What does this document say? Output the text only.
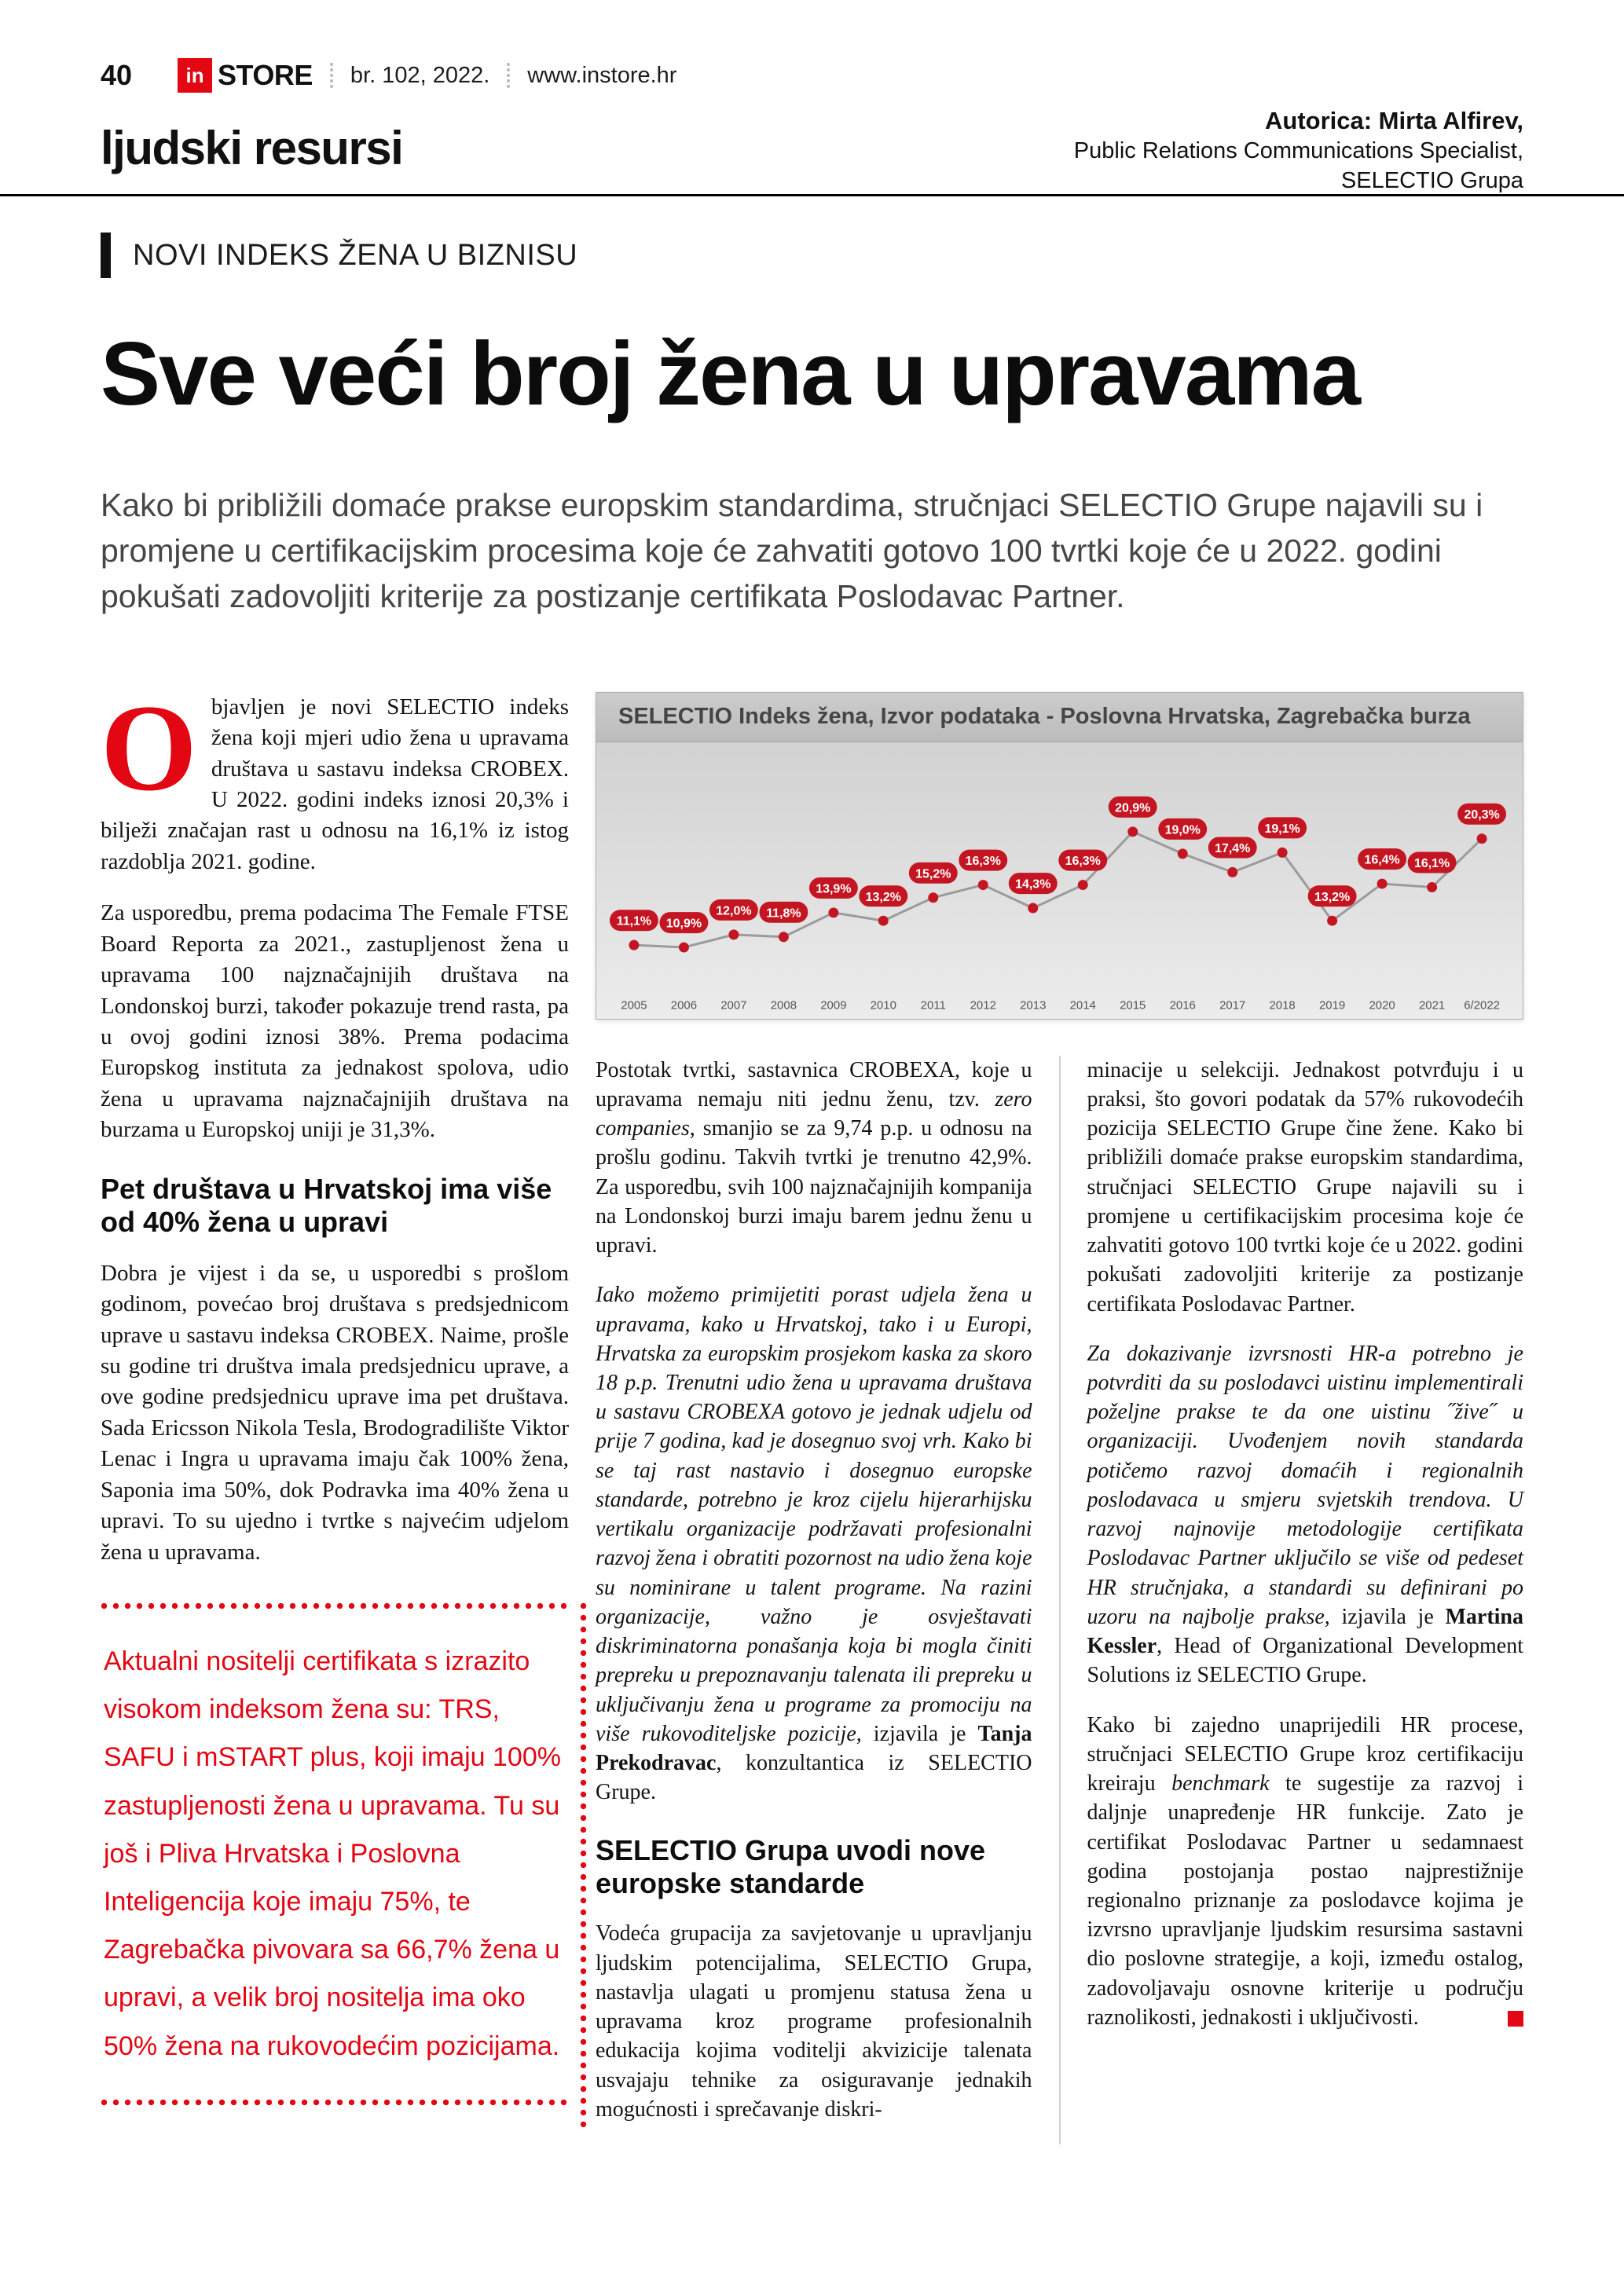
40	in STORE br. 102, 2022. www.instore.hr
Autorica: Mirta Alfirev,
Public Relations Communications Specialist,
SELECTIO Grupa
ljudski resursi
NOVI INDEKS ŽENA U BIZNISU
Sve veći broj žena u upravama

Kako bi približili domaće prakse europskim standardima, stručnjaci SELECTIO Grupe najavili su i promjene u certifikacijskim procesima koje će zahvatiti gotovo 100 tvrtki koje će u 2022. godini pokušati zadovoljiti kriterije za postizanje certifikata Poslodavac Partner.

Objavljen je novi SELECTIO indeks žena koji mjeri udio žena u upravama društava u sastavu indeksa CROBEX. U 2022. godini indeks iznosi 20,3% i bilježi značajan rast u odnosu na 16,1% iz istog razdoblja 2021. godine.

Za usporedbu, prema podacima The Female FTSE Board Reporta za 2021., zastupljenost žena u upravama 100 najznačajnijih društava na Londonskoj burzi, također pokazuje trend rasta, pa u ovoj godini iznosi 38%. Prema podacima Europskog instituta za jednakost spolova, udio žena u upravama najznačajnijih društava na burzama u Europskoj uniji je 31,3%.

Pet društava u Hrvatskoj ima više od 40% žena u upravi

Dobra je vijest i da se, u usporedbi s prošlom godinom, povećao broj društava s predsjednicom uprave u sastavu indeksa CROBEX. Naime, prošle su godine tri društva imala predsjednicu uprave, a ove godine predsjednicu uprave ima pet društava. Sada Ericsson Nikola Tesla, Brodogradilište Viktor Lenac i Ingra u upravama imaju čak 100% žena, Saponia ima 50%, dok Podravka ima 40% žena u upravi. To su ujedno i tvrtke s najvećim udjelom žena u upravama.

Aktualni nositelji certifikata s izrazito visokom indeksom žena su: TRS, SAFU i mSTART plus, koji imaju 100% zastupljenosti žena u upravama. Tu su još i Pliva Hrvatska i Poslovna Inteligencija koje imaju 75%, te Zagrebačka pivovara sa 66,7% žena u upravi, a velik broj nositelja ima oko 50% žena na rukovodećim pozicijama.

SELECTIO Indeks žena, Izvor podataka - Poslovna Hrvatska, Zagrebačka burza
11,1%
2005
10,9%
2006
12,0%
2007
11,8%
2008
13,9%
2009
13,2%
2010
15,2%
2011
16,3%
2012
14,3%
2013
16,3%
2014
20,9%
2015
19,0%
2016
17,4%
2017
19,1%
2018
13,2%
2019
16,4%
2020
16,1%
2021
20,3%
6/2022

Postotak tvrtki, sastavnica CROBEXA, koje u upravama nemaju niti jednu ženu, tzv. zero companies, smanjio se za 9,74 p.p. u odnosu na prošlu godinu. Takvih tvrtki je trenutno 42,9%. Za usporedbu, svih 100 najznačajnijih kompanija na Londonskoj burzi imaju barem jednu ženu u upravi.

Iako možemo primijetiti porast udjela žena u upravama, kako u Hrvatskoj, tako i u Europi, Hrvatska za europskim prosjekom kaska za skoro 18 p.p. Trenutni udio žena u upravama društava u sastavu CROBEXA gotovo je jednak udjelu od prije 7 godina, kad je dosegnuo svoj vrh. Kako bi se taj rast nastavio i dosegnuo europske standarde, potrebno je kroz cijelu hijerarhijsku vertikalu organizacije podržavati profesionalni razvoj žena i obratiti pozornost na udio žena koje su nominirane u talent programe. Na razini organizacije, važno je osvještavati diskriminatorna ponašanja koja bi mogla činiti prepreku u prepoznavanju talenata ili prepreku u uključivanju žena u programe za promociju na više rukovoditeljske pozicije, izjavila je Tanja Prekodravac, konzultantica iz SELECTIO Grupe.

SELECTIO Grupa uvodi nove europske standarde

Vodeća grupacija za savjetovanje u upravljanju ljudskim potencijalima, SELECTIO Grupa, nastavlja ulagati u promjenu statusa žena u upravama kroz programe profesionalnih edukacija kojima voditelji akvizicije talenata usvajaju tehnike za osiguravanje jednakih mogućnosti i sprečavanje diskri-

minacije u selekciji. Jednakost potvrđuju i u praksi, što govori podatak da 57% rukovodećih pozicija SELECTIO Grupe čine žene. Kako bi približili domaće prakse europskim standardima, stručnjaci SELECTIO Grupe najavili su i promjene u certifikacijskim procesima koje će zahvatiti gotovo 100 tvrtki koje će u 2022. godini pokušati zadovoljiti kriterije za postizanje certifikata Poslodavac Partner.

Za dokazivanje izvrsnosti HR-a potrebno je potvrditi da su poslodavci uistinu implementirali poželjne prakse te da one uistinu ˝žive˝ u organizaciji. Uvođenjem novih standarda potičemo razvoj domaćih i regionalnih poslodavaca u smjeru svjetskih trendova. U razvoj najnovije metodologije certifikata Poslodavac Partner uključilo se više od pedeset HR stručnjaka, a standardi su definirani po uzoru na najbolje prakse, izjavila je Martina Kessler, Head of Organizational Development Solutions iz SELECTIO Grupe.

Kako bi zajedno unaprijedili HR procese, stručnjaci SELECTIO Grupe kroz certifikaciju kreiraju benchmark te sugestije za razvoj i daljnje unapređenje HR funkcije. Zato je certifikat Poslodavac Partner u sedamnaest godina postojanja postao najprestižnije regionalno priznanje za poslodavce kojima je izvrsno upravljanje ljudskim resursima sastavni dio poslovne strategije, a koji, između ostalog, zadovoljavaju osnovne kriterije u području raznolikosti, jednakosti i uključivosti.
